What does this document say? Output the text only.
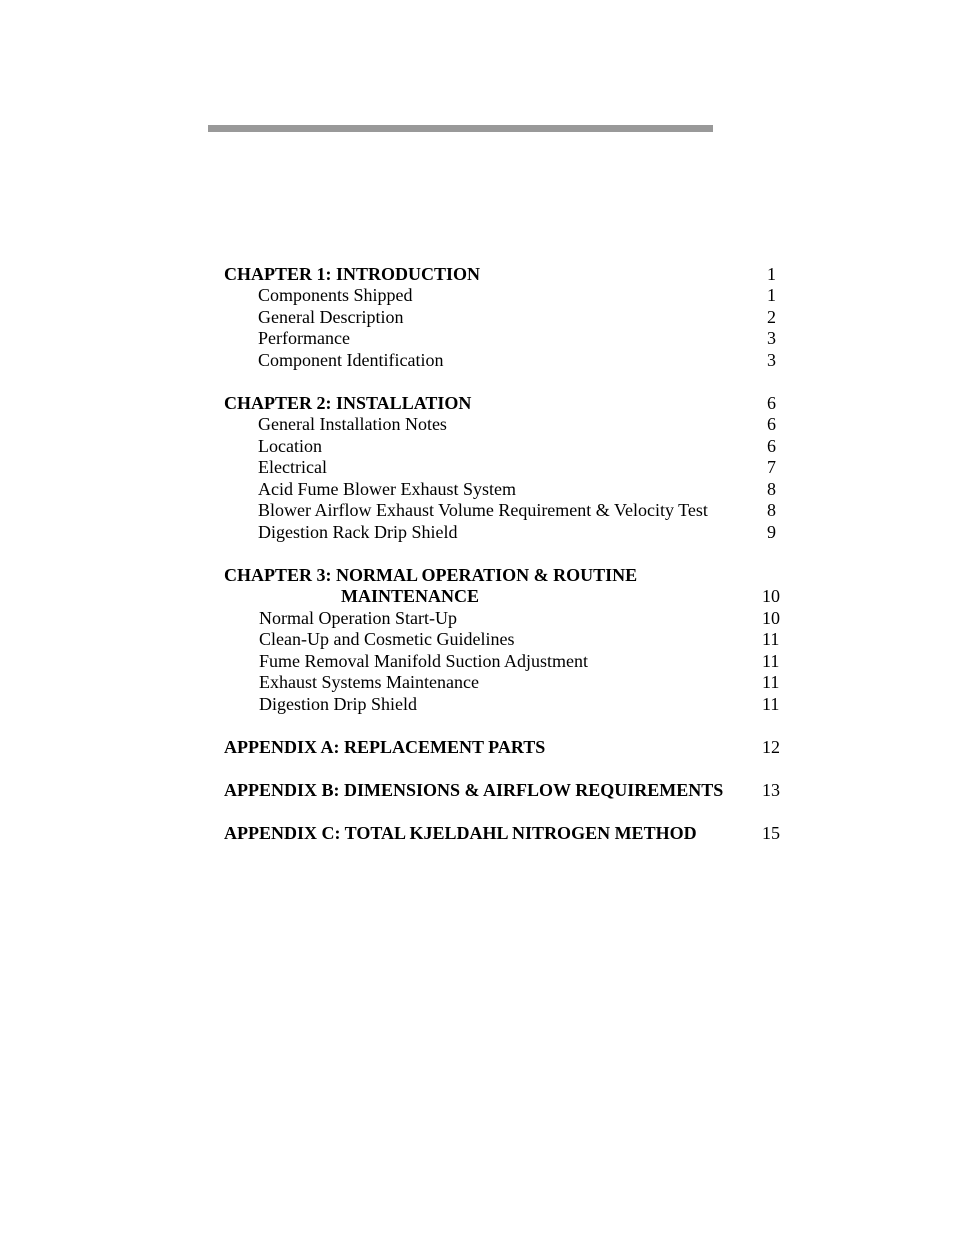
CHAPTER 1: INTRODUCTION	1
Components Shipped	1
General Description	2
Performance	3
Component Identification	3
CHAPTER 2: INSTALLATION	6
General Installation Notes	6
Location	6
Electrical	7
Acid Fume Blower Exhaust System	8
Blower Airflow Exhaust Volume Requirement & Velocity Test	8
Digestion Rack Drip Shield	9
CHAPTER 3: NORMAL OPERATION & ROUTINE
MAINTENANCE	10
Normal Operation Start-Up	10
Clean-Up and Cosmetic Guidelines	11
Fume Removal Manifold Suction Adjustment	11
Exhaust Systems Maintenance	11
Digestion Drip Shield	11
APPENDIX A: REPLACEMENT PARTS	12
APPENDIX B: DIMENSIONS & AIRFLOW REQUIREMENTS 13
APPENDIX C: TOTAL KJELDAHL NITROGEN METHOD	15
